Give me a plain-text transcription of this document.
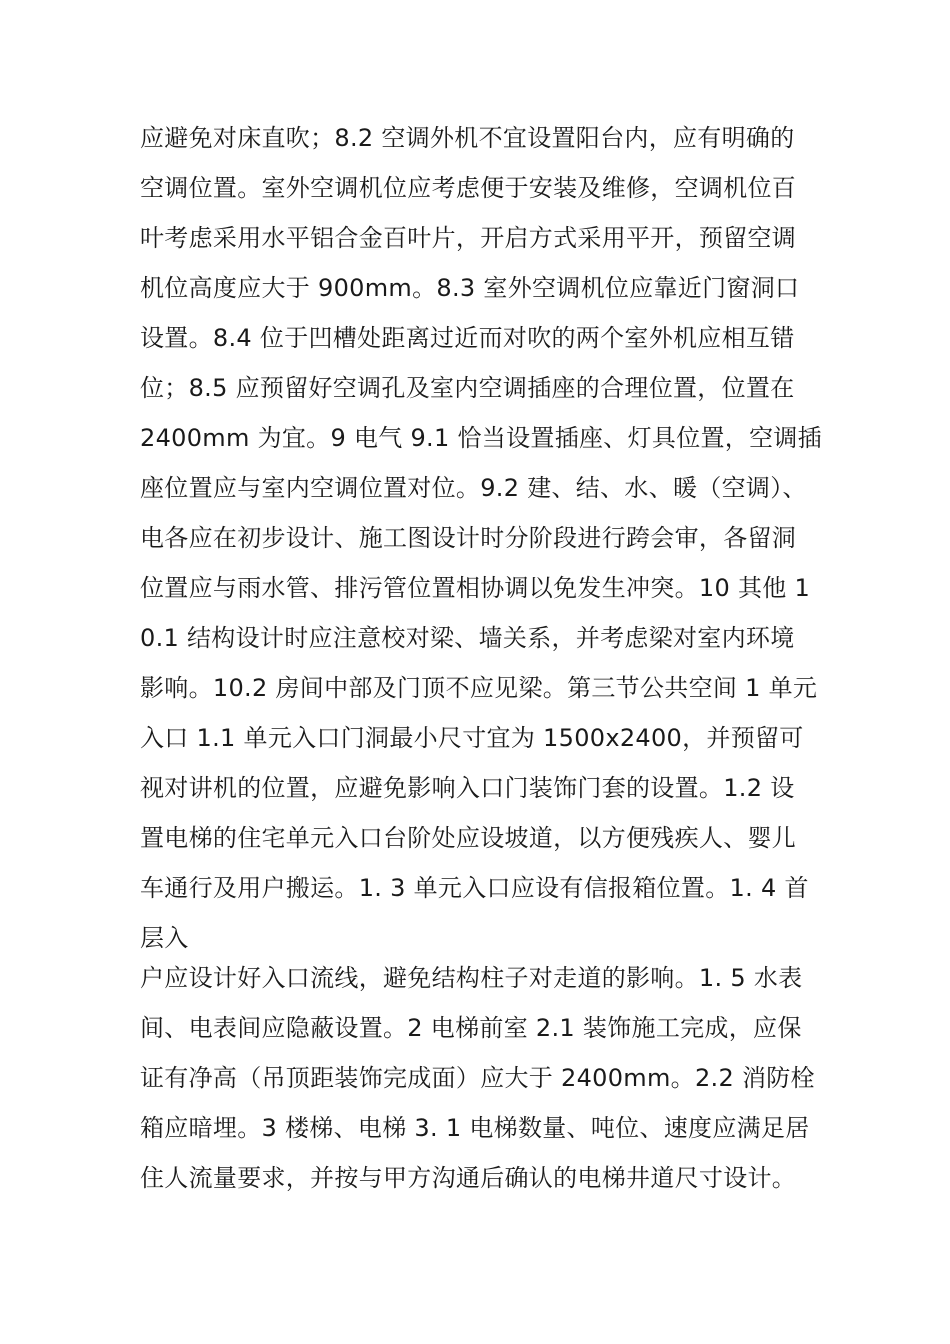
应避免对床直吹；8.2 空调外机不宜设置阳台内，应有明确的
空调位置。室外空调机位应考虑便于安装及维修，空调机位百
叶考虑采用水平铝合金百叶片，开启方式采用平开，预留空调
机位高度应大于 900mm。8.3 室外空调机位应靠近门窗洞口
设置。8.4 位于凹槽处距离过近而对吹的两个室外机应相互错
位；8.5 应预留好空调孔及室内空调插座的合理位置，位置在
2400mm 为宜。9 电气 9.1 恰当设置插座、灯具位置，空调插
座位置应与室内空调位置对位。9.2 建、结、水、暖（空调）、
电各应在初步设计、施工图设计时分阶段进行跨会审，各留洞
位置应与雨水管、排污管位置相协调以免发生冲突。10 其他 1
0.1 结构设计时应注意校对梁、墙关系，并考虑梁对室内环境
影响。10.2 房间中部及门顶不应见梁。第三节公共空间 1 单元
入口 1.1 单元入口门洞最小尺寸宜为 1500x2400，并预留可
视对讲机的位置，应避免影响入口门装饰门套的设置。1.2 设
置电梯的住宅单元入口台阶处应设坡道，以方便残疾人、婴儿
车通行及用户搬运。1. 3 单元入口应设有信报箱位置。1. 4 首
层入
户应设计好入口流线，避免结构柱子对走道的影响。1. 5 水表
间、电表间应隐蔽设置。2 电梯前室 2.1 装饰施工完成，应保
证有净高（吊顶距装饰完成面）应大于 2400mm。2.2 消防栓
箱应暗埋。3 楼梯、电梯 3. 1 电梯数量、吨位、速度应满足居
住人流量要求，并按与甲方沟通后确认的电梯井道尺寸设计。
